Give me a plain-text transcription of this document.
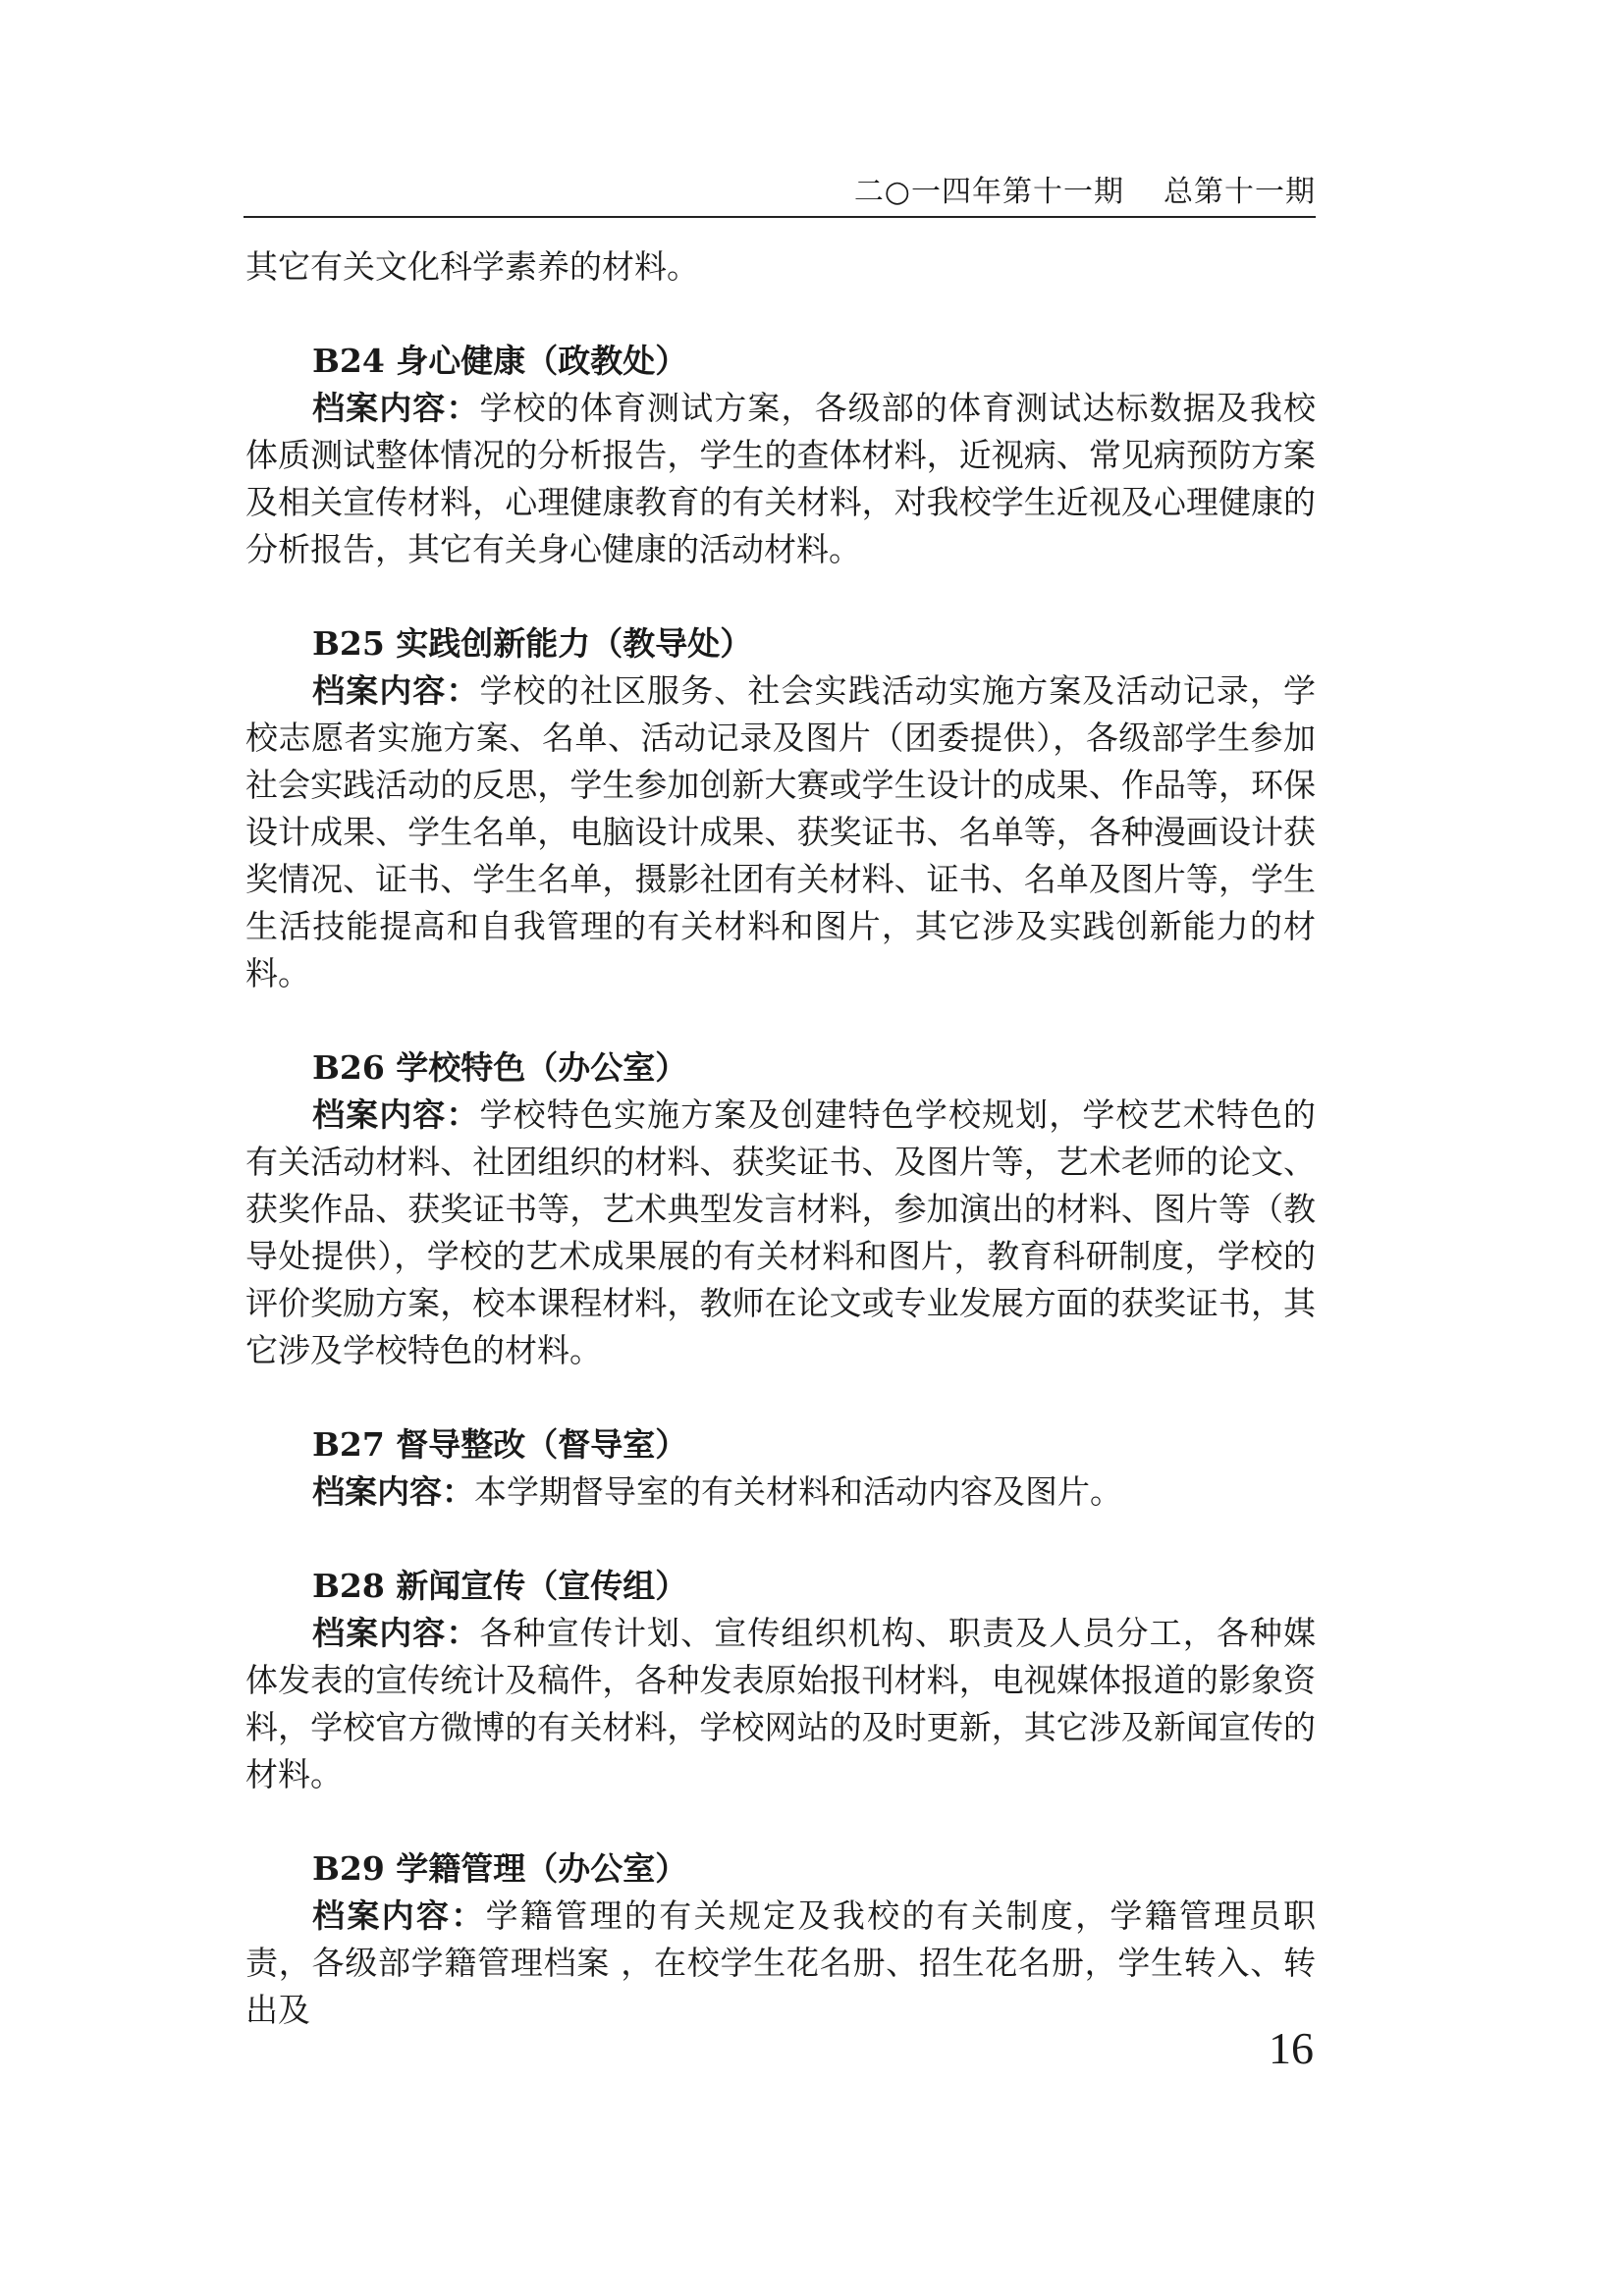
二○一四年第十一期 总第十一期

其它有关文化科学素养的材料。

B24 身心健康（政教处）

档案内容：学校的体育测试方案，各级部的体育测试达标数据及我校体质测试整体情况的分析报告，学生的查体材料，近视病、常见病预防方案及相关宣传材料，心理健康教育的有关材料，对我校学生近视及心理健康的分析报告，其它有关身心健康的活动材料。

B25 实践创新能力（教导处）

档案内容：学校的社区服务、社会实践活动实施方案及活动记录，学校志愿者实施方案、名单、活动记录及图片（团委提供），各级部学生参加社会实践活动的反思，学生参加创新大赛或学生设计的成果、作品等，环保设计成果、学生名单，电脑设计成果、获奖证书、名单等，各种漫画设计获奖情况、证书、学生名单，摄影社团有关材料、证书、名单及图片等，学生生活技能提高和自我管理的有关材料和图片，其它涉及实践创新能力的材料。

B26 学校特色（办公室）

档案内容：学校特色实施方案及创建特色学校规划，学校艺术特色的有关活动材料、社团组织的材料、获奖证书、及图片等，艺术老师的论文、获奖作品、获奖证书等，艺术典型发言材料，参加演出的材料、图片等（教导处提供），学校的艺术成果展的有关材料和图片，教育科研制度，学校的评价奖励方案，校本课程材料，教师在论文或专业发展方面的获奖证书，其它涉及学校特色的材料。

B27 督导整改（督导室）

档案内容：本学期督导室的有关材料和活动内容及图片。

B28 新闻宣传（宣传组）

档案内容：各种宣传计划、宣传组织机构、职责及人员分工，各种媒体发表的宣传统计及稿件，各种发表原始报刊材料，电视媒体报道的影象资料，学校官方微博的有关材料，学校网站的及时更新，其它涉及新闻宣传的材料。

B29 学籍管理（办公室）

档案内容：学籍管理的有关规定及我校的有关制度，学籍管理员职责，各级部学籍管理档案 ，在校学生花名册、招生花名册，学生转入、转出及

16
